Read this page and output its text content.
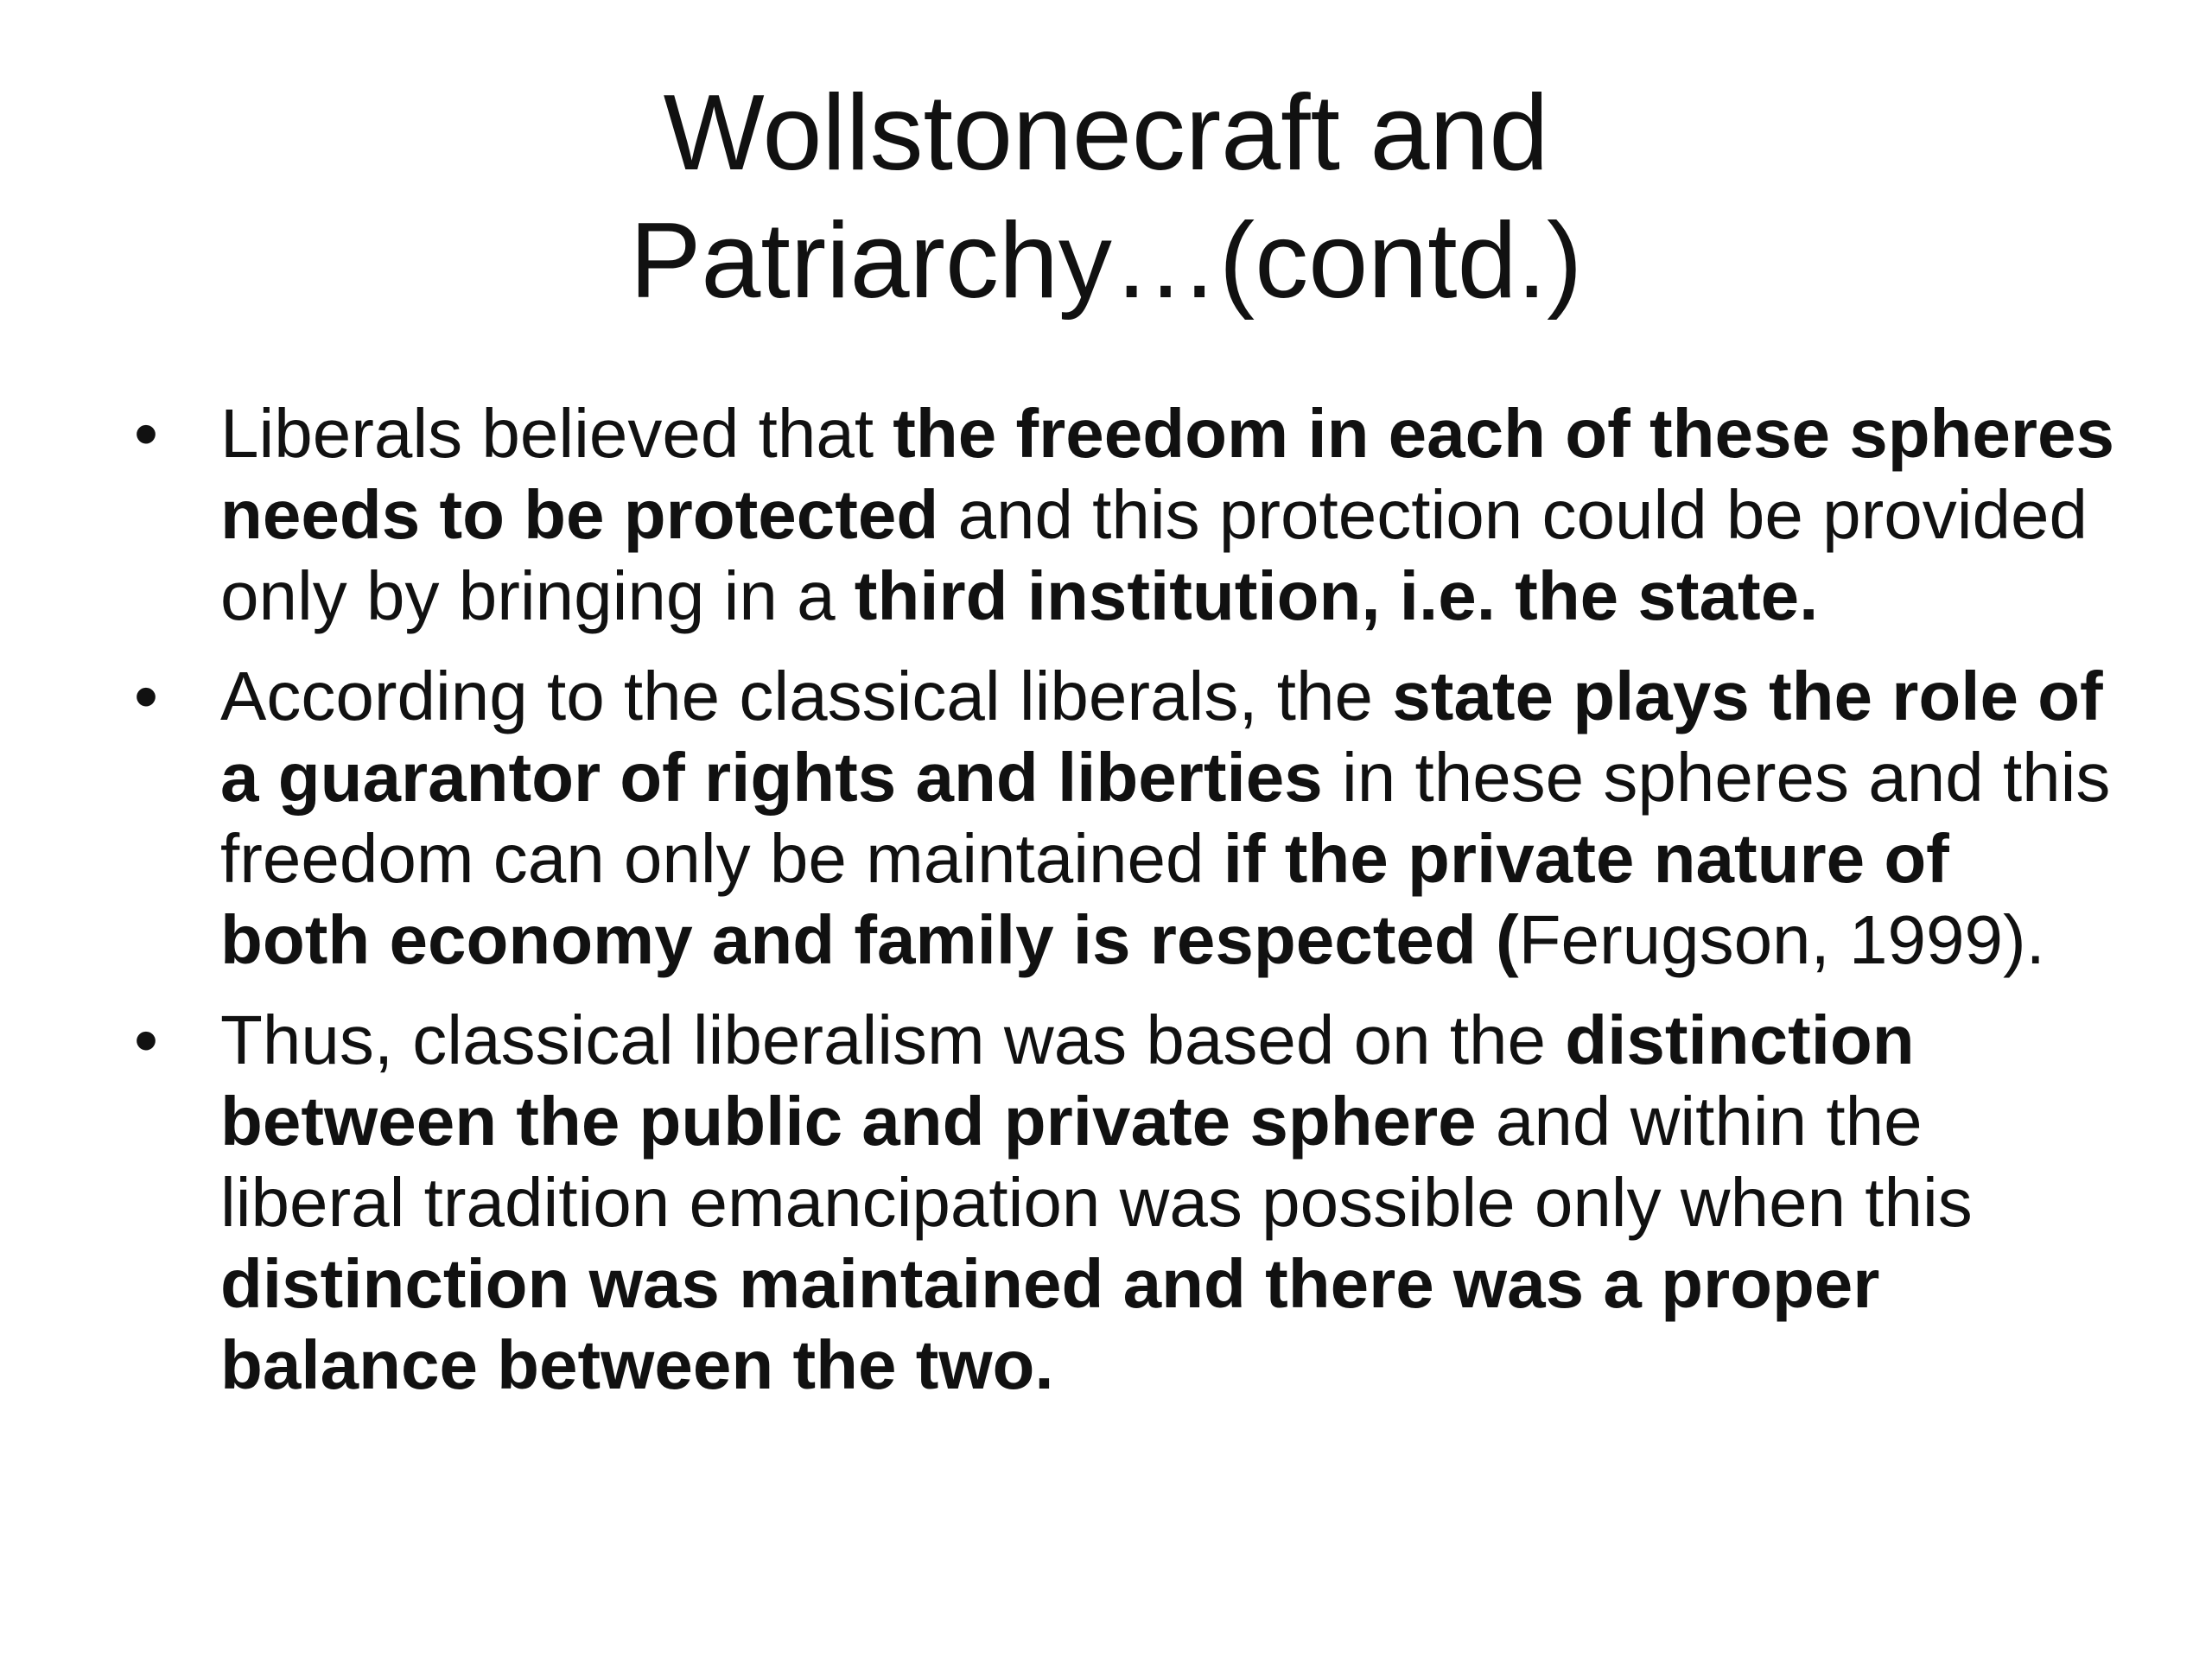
Wollstonecraft and
Patriarchy…(contd.)
• Liberals believed that the freedom in each of these spheres needs to be protected and this protection could be provided only by bringing in a third institution, i.e. the state.
• According to the classical liberals, the state plays the role of a guarantor of rights and liberties in these spheres and this freedom can only be maintained if the private nature of both economy and family is respected (Ferugson, 1999).
• Thus, classical liberalism was based on the distinction between the public and private sphere and within the liberal tradition emancipation was possible only when this distinction was maintained and there was a proper balance between the two.
